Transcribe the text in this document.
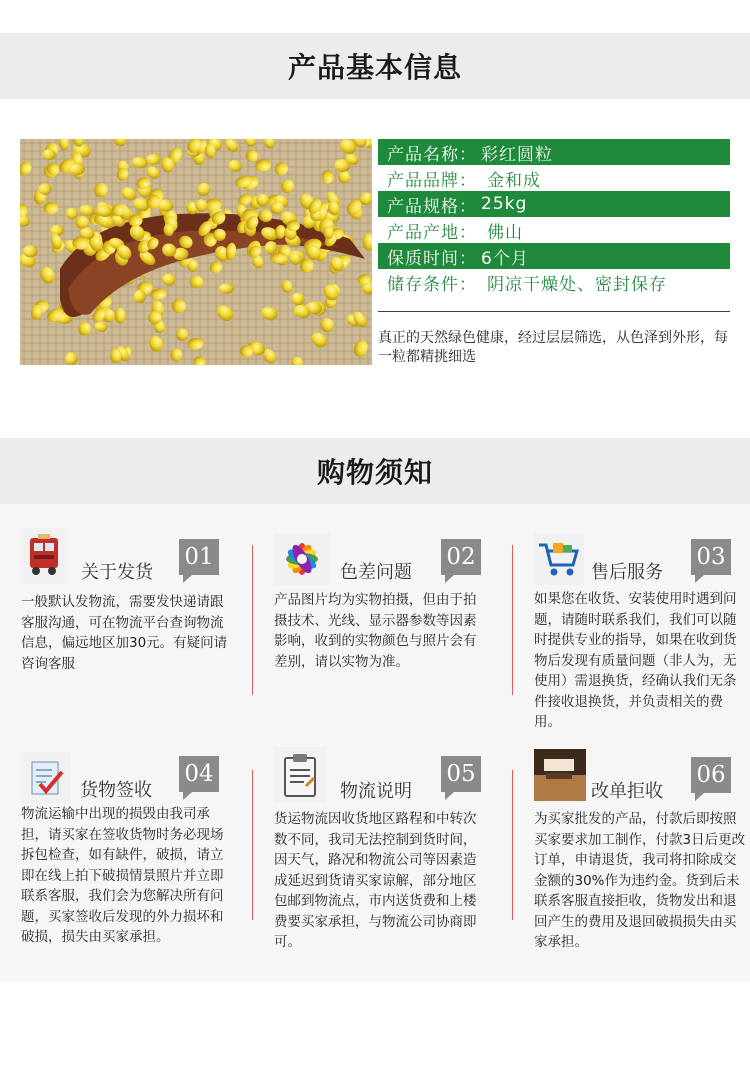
产品基本信息
产品名称： 彩红圆粒
产品品牌： 金和成
产品规格： 25kg
产品产地： 佛山
保质时间： 6个月
储存条件： 阴凉干燥处、密封保存
真正的天然绿色健康，经过层层筛选，从色泽到外形，每一粒都精挑细选
购物须知
关于发货
01
一般默认发物流，需要发快递请跟客服沟通，可在物流平台查询物流信息，偏远地区加30元。有疑问请咨询客服
色差问题
02
产品图片均为实物拍摄，但由于拍摄技术、光线、显示器参数等因素影响，收到的实物颜色与照片会有差别，请以实物为准。
售后服务
03
如果您在收货、安装使用时遇到问题，请随时联系我们，我们可以随时提供专业的指导，如果在收到货物后发现有质量问题（非人为，无使用）需退换货，经确认我们无条件接收退换货，并负责相关的费用。
货物签收
04
物流运输中出现的损毁由我司承担，请买家在签收货物时务必现场拆包检查，如有缺件，破损，请立即在线上拍下破损情景照片并立即联系客服，我们会为您解决所有问题，买家签收后发现的外力损坏和破损，损失由买家承担。
物流说明
05
货运物流因收货地区路程和中转次数不同，我司无法控制到货时间，因天气，路况和物流公司等因素造成延迟到货请买家谅解，部分地区包邮到物流点，市内送货费和上楼费要买家承担，与物流公司协商即可。
改单拒收
06
为买家批发的产品，付款后即按照买家要求加工制作，付款3日后更改订单，申请退货，我司将扣除成交金额的30%作为违约金。货到后未联系客服直接拒收，货物发出和退回产生的费用及退回破损损失由买家承担。
